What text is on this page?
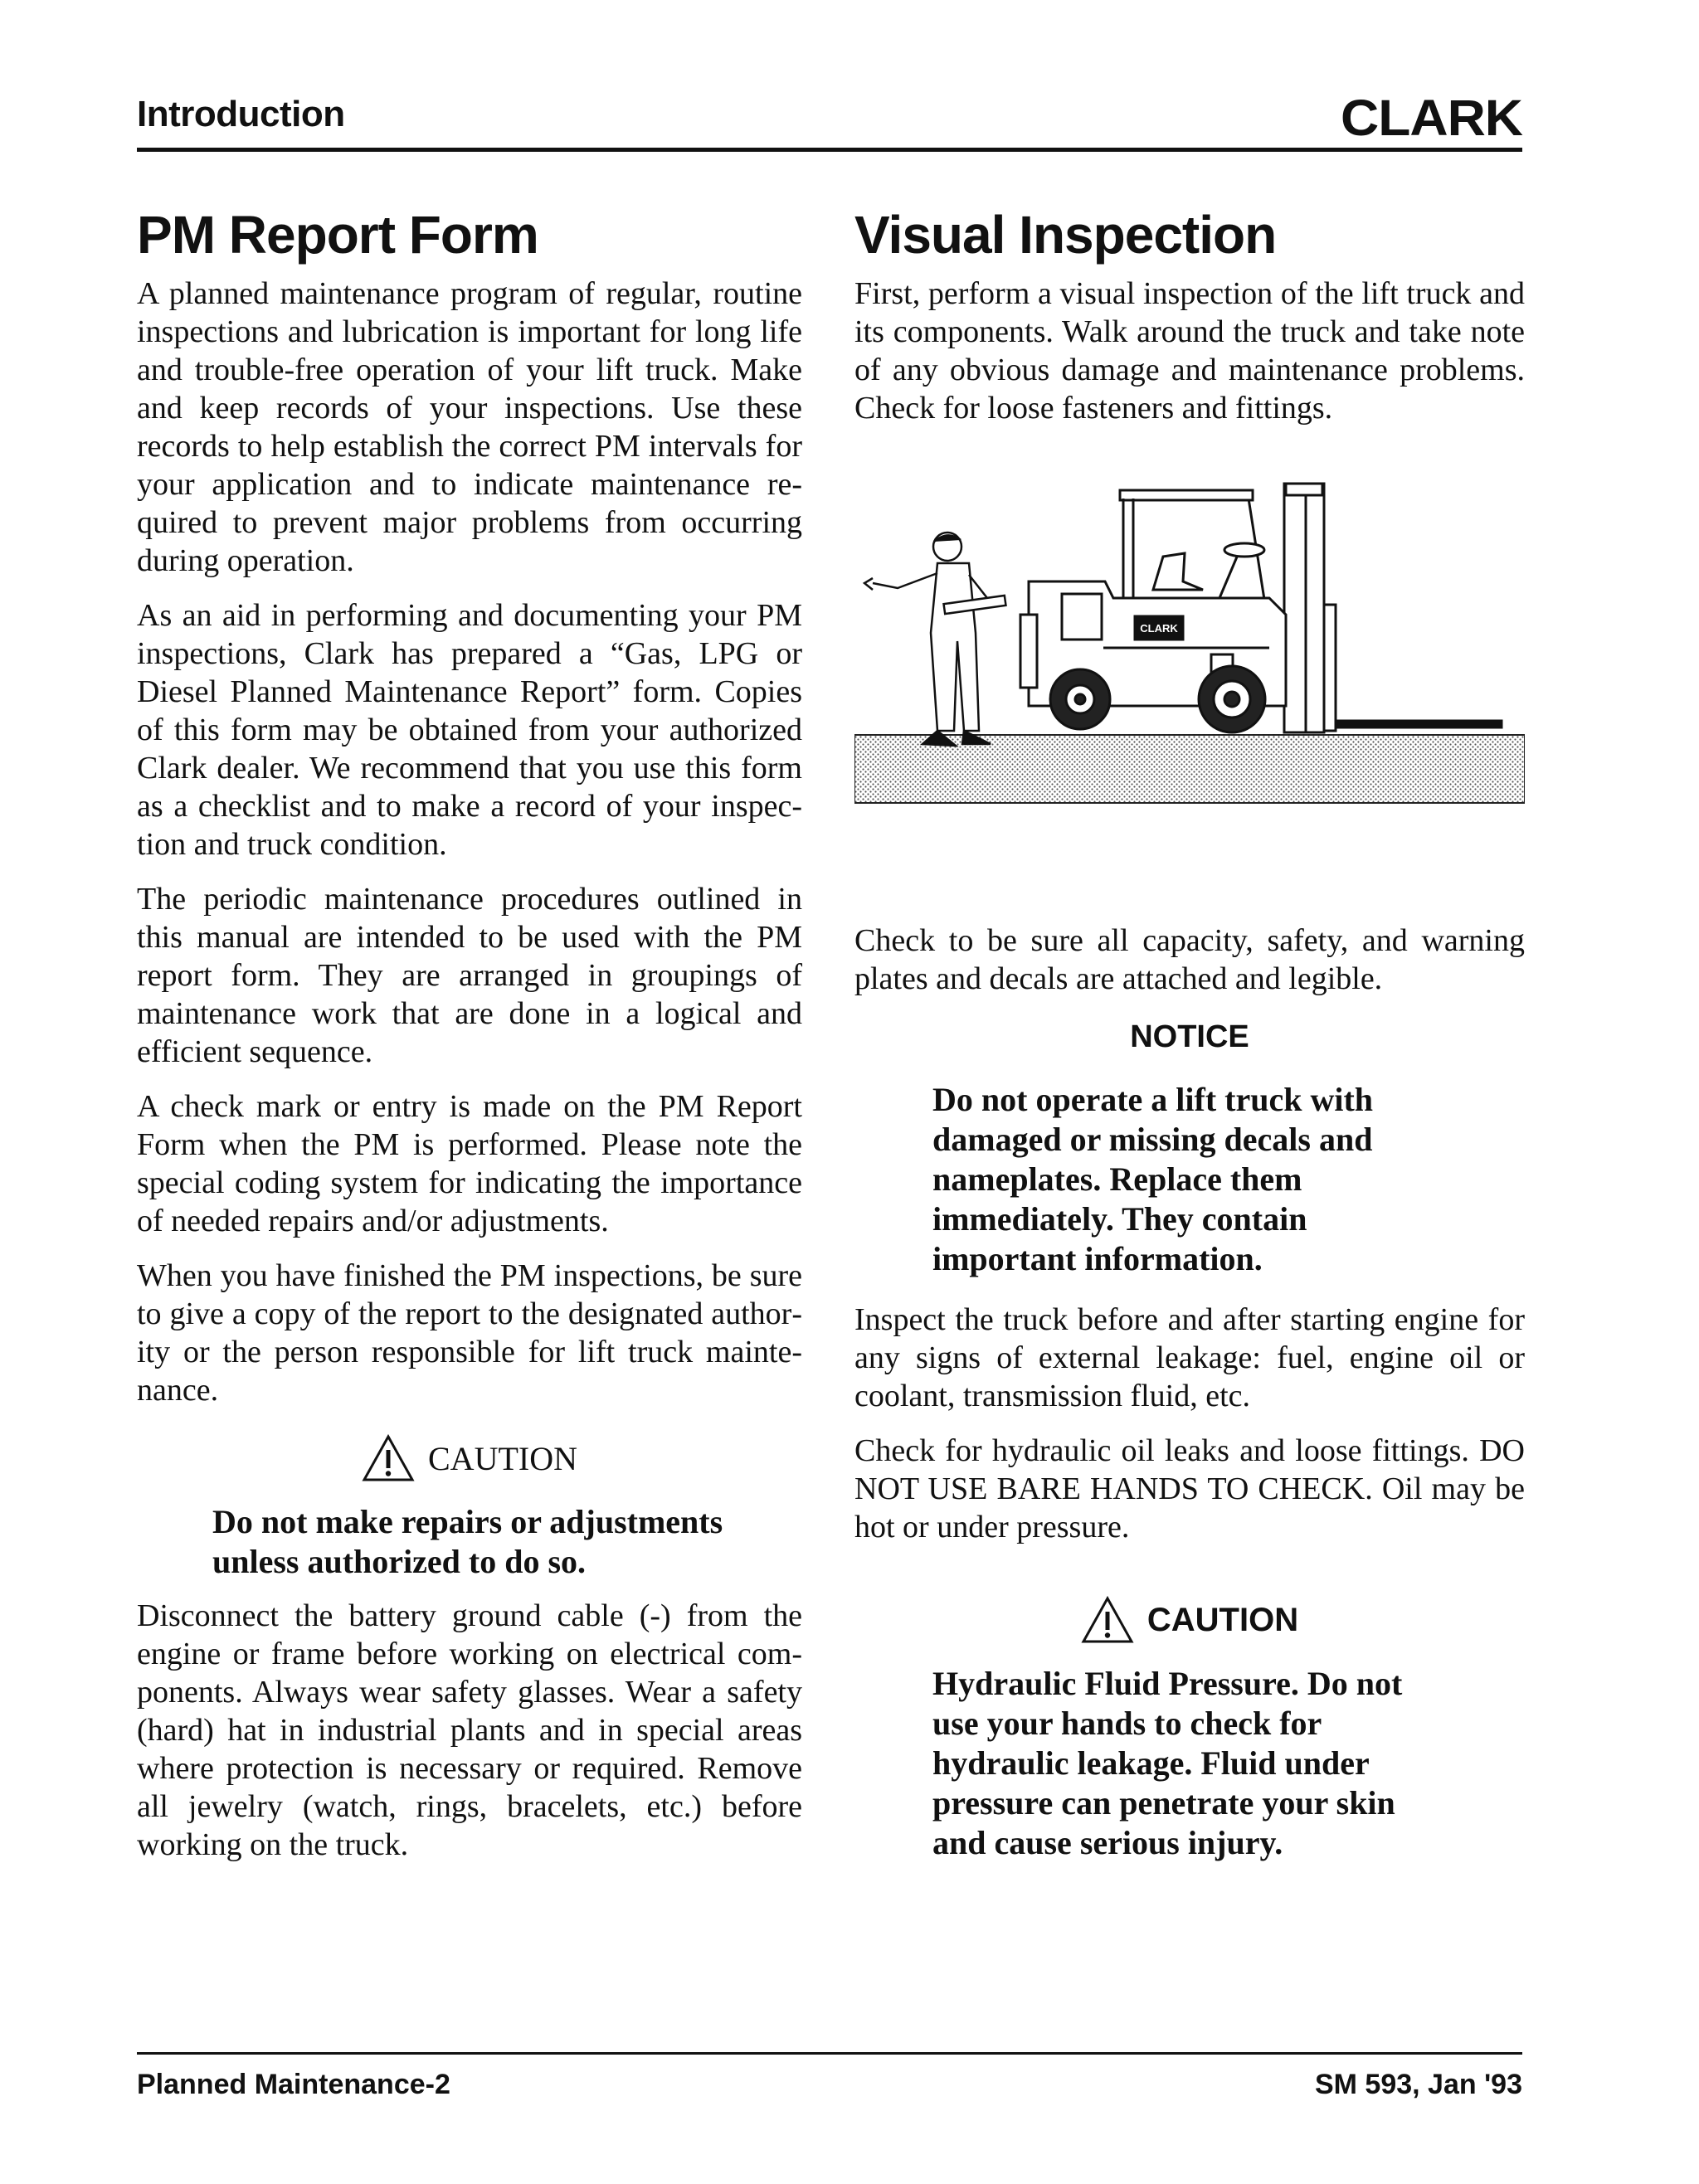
Introduction	CLARK
PM Report Form

A planned maintenance program of regular, routine inspections and lubrication is important for long life and trouble-free operation of your lift truck. Make and keep records of your inspections. Use these records to help establish the correct PM intervals for your application and to indicate maintenance required to prevent major problems from occurring during operation.

As an aid in performing and documenting your PM inspections, Clark has prepared a “Gas, LPG or Diesel Planned Maintenance Report” form. Copies of this form may be obtained from your authorized Clark dealer. We recommend that you use this form as a checklist and to make a record of your inspection and truck condition.

The periodic maintenance procedures outlined in this manual are intended to be used with the PM report form. They are arranged in groupings of maintenance work that are done in a logical and efficient sequence.

A check mark or entry is made on the PM Report Form when the PM is performed. Please note the special coding system for indicating the importance of needed repairs and/or adjustments.

When you have finished the PM inspections, be sure to give a copy of the report to the designated authority or the person responsible for lift truck maintenance.

CAUTION
Do not make repairs or adjustments unless authorized to do so.

Disconnect the battery ground cable (-) from the engine or frame before working on electrical components. Always wear safety glasses. Wear a safety (hard) hat in industrial plants and in special areas where protection is necessary or required. Remove all jewelry (watch, rings, bracelets, etc.) before working on the truck.

Visual Inspection

First, perform a visual inspection of the lift truck and its components. Walk around the truck and take note of any obvious damage and maintenance problems. Check for loose fasteners and fittings.

CLARK

Check to be sure all capacity, safety, and warning plates and decals are attached and legible.

NOTICE
Do not operate a lift truck with damaged or missing decals and nameplates. Replace them immediately. They contain important information.

Inspect the truck before and after starting engine for any signs of external leakage: fuel, engine oil or coolant, transmission fluid, etc.

Check for hydraulic oil leaks and loose fittings. DO NOT USE BARE HANDS TO CHECK. Oil may be hot or under pressure.

CAUTION
Hydraulic Fluid Pressure. Do not use your hands to check for hydraulic leakage. Fluid under pressure can penetrate your skin and cause serious injury.
Planned Maintenance-2	SM 593, Jan '93
